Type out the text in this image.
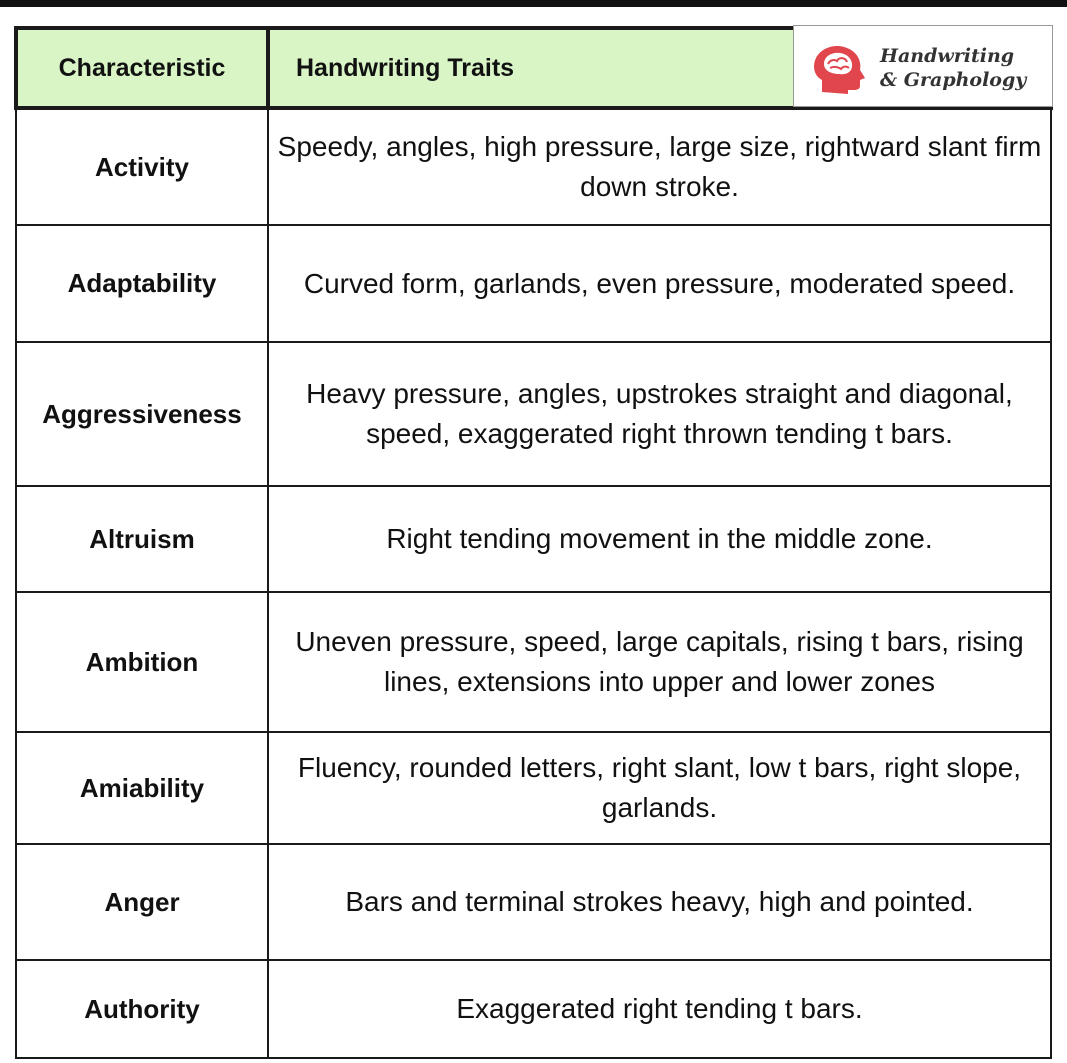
Characteristic	Handwriting Traits Handwriting
& Graphology

Activity	Speedy, angles, high pressure, large size, rightward slant firm down stroke.
Adaptability	Curved form, garlands, even pressure, moderated speed.
Aggressiveness	Heavy pressure, angles, upstrokes straight and diagonal, speed, exaggerated right thrown tending t bars.
Altruism	Right tending movement in the middle zone.
Ambition	Uneven pressure, speed, large capitals, rising t bars, rising lines, extensions into upper and lower zones
Amiability	Fluency, rounded letters, right slant, low t bars, right slope, garlands.
Anger	Bars and terminal strokes heavy, high and pointed.
Authority	Exaggerated right tending t bars.
